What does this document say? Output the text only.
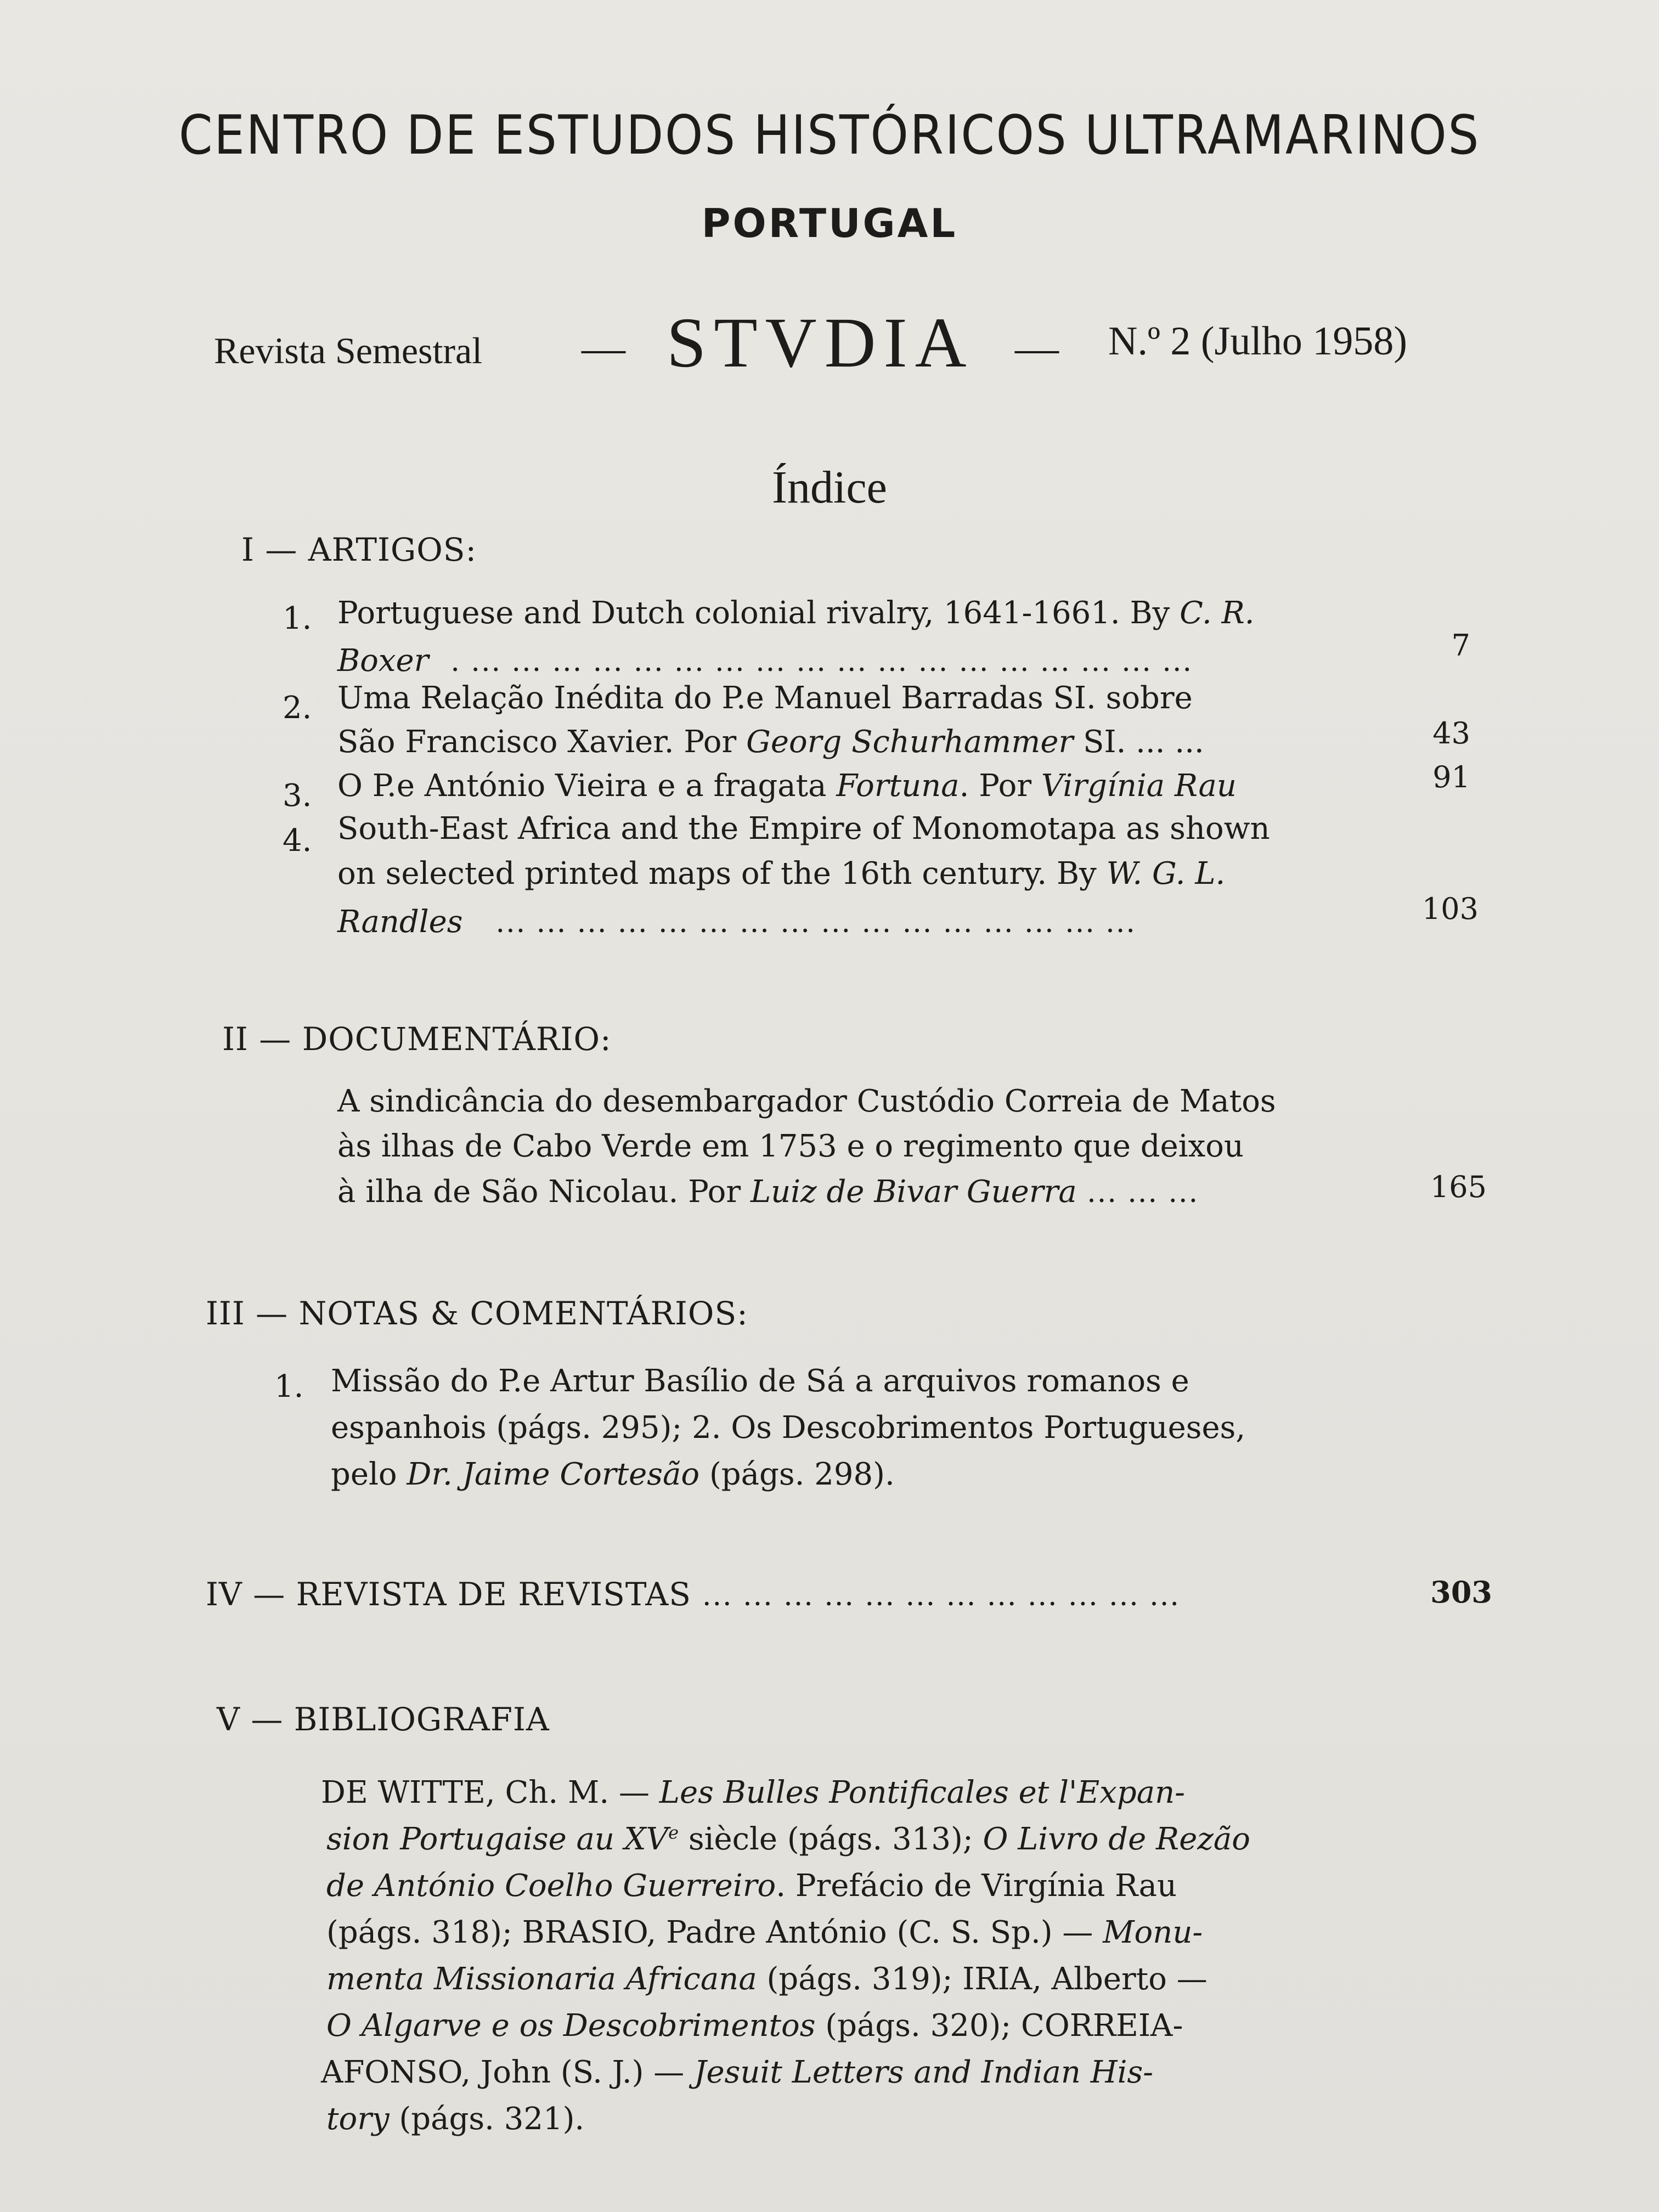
CENTRO DE ESTUDOS HISTÓRICOS ULTRAMARINOS
PORTUGAL
Revista Semestral — STVDIA — N.º 2 (Julho 1958)
Índice
I — ARTIGOS:
1. Portuguese and Dutch colonial rivalry, 1641-1661. By C. R.
Boxer . ... ... ... ... ... ... ... ... ... ... ... ... ... ... ... ... ... ...	7
2. Uma Relação Inédita do P.e Manuel Barradas SI. sobre
São Francisco Xavier. Por Georg Schurhammer SI. ... ...	43
3. O P.e António Vieira e a fragata Fortuna. Por Virgínia Rau	91
4. South-East Africa and the Empire of Monomotapa as shown
on selected printed maps of the 16th century. By W. G. L.
Randles ... ... ... ... ... ... ... ... ... ... ... ... ... ... ... ...	103
II — DOCUMENTÁRIO:
A sindicância do desembargador Custódio Correia de Matos
às ilhas de Cabo Verde em 1753 e o regimento que deixou
à ilha de São Nicolau. Por Luiz de Bivar Guerra ... ... ...	165
III — NOTAS & COMENTÁRIOS:
1. Missão do P.e Artur Basílio de Sá a arquivos romanos e
espanhois (págs. 295); 2. Os Descobrimentos Portugueses,
pelo Dr. Jaime Cortesão (págs. 298).
IV — REVISTA DE REVISTAS ... ... ... ... ... ... ... ... ... ... ... ...	303
V — BIBLIOGRAFIA
DE WITTE, Ch. M. — Les Bulles Pontificales et l'Expan-
sion Portugaise au XVe siècle (págs. 313); O Livro de Rezão
de António Coelho Guerreiro. Prefácio de Virgínia Rau
(págs. 318); BRASIO, Padre António (C. S. Sp.) — Monu-
menta Missionaria Africana (págs. 319); IRIA, Alberto —
O Algarve e os Descobrimentos (págs. 320); CORREIA-
AFONSO, John (S. J.) — Jesuit Letters and Indian His-
tory (págs. 321).
